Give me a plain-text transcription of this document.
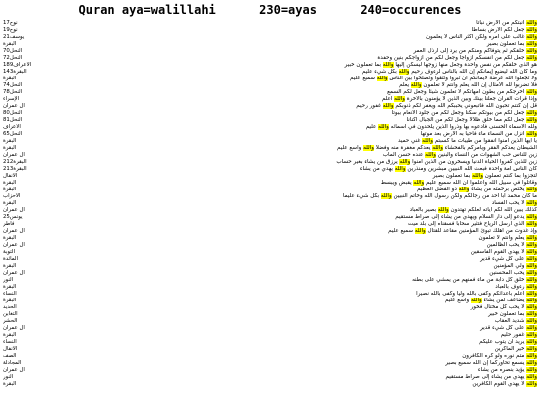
Quran aya=walillahi
	230=ayas
	240=occurences
نوح17	والله أنبتكم من الأرض نباتا
نوح19	والله جعل لكم الأرض بساطا
يوسف21	والله غالب على أمره ولكن أكثر الناس لا يعلمون
البقرة	والله بما تعملون بصير
النحل70	والله خلقكم ثم يتوفاكم ومنكم من يرد إلى أرذل العمر
النحل72	والله جعل لكم من أنفسكم أزواجا وجعل لكم من أزواجكم بنين وحفدة
الأعراف189	هو الذي خلقكم من نفس واحدة وجعل منها زوجها ليسكن إليها والله بما تعملون خبير
البقرة143	وما كان الله ليضيع إيمانكم إن الله بالناس لرءوف رحيم والله بكل شيء عليم
البقرة	ولا تجعلوا الله عرضة لأيمانكم أن تبروا وتتقوا وتصلحوا بين الناس والله سميع عليم
النحل74	فلا تضربوا لله الأمثال إن الله يعلم وأنتم لا تعلمون والله يعلم
النحل78	والله أخرجكم من بطون أمهاتكم لا تعلمون شيئا وجعل لكم السمع
الإسراء	وإذا قرأت القرآن جعلنا بينك وبين الذين لا يؤمنون بالآخرة والله أعلم
آل عمران	قل إن كنتم تحبون الله فاتبعوني يحببكم الله ويغفر لكم ذنوبكم والله غفور رحيم
النحل80	والله جعل لكم من بيوتكم سكنا وجعل لكم من جلود الأنعام بيوتا
النحل81	والله جعل لكم مما خلق ظلالا وجعل لكم من الجبال أكنانا
الأعراف	ولله الأسماء الحسنى فادعوه بها وذروا الذين يلحدون في أسمائه والله عليم
النحل65	والله أنزل من السماء ماء فأحيا به الأرض بعد موتها
البقرة	يا أيها الذين آمنوا أنفقوا من طيبات ما كسبتم والله غني حميد
البقرة	الشيطان يعدكم الفقر ويأمركم بالفحشاء والله يعدكم مغفرة منه وفضلا والله واسع عليم
آل عمران	زين للناس حب الشهوات من النساء والبنين والله عنده حسن المآب
البقرة212	زين للذين كفروا الحياة الدنيا ويسخرون من الذين آمنوا والله يرزق من يشاء بغير حساب
البقرة213	كان الناس أمة واحدة فبعث الله النبيين مبشرين ومنذرين والله يهدي من يشاء
الأنفال	لتجزوا بما كنتم تعملون والله بما تعملون بصير
البقرة	وقاتلوا في سبيل الله واعلموا أن الله سميع عليم والله يقبض ويبسط
البقرة	والله يختص برحمته من يشاء والله ذو الفضل العظيم
الأحزاب	ما كان محمد أبا أحد من رجالكم ولكن رسول الله وخاتم النبيين والله بكل شيء عليما
البقرة	والله لا يحب الفساد
آل عمران	كذلك يبين الله لكم آياته لعلكم تهتدون والله بصير بالعباد
يونس25	والله يدعو إلى دار السلام ويهدي من يشاء إلى صراط مستقيم
فاطر	والله الذي أرسل الرياح فتثير سحابا فسقناه إلى بلد ميت
آل عمران	وإذ غدوت من أهلك تبوئ المؤمنين مقاعد للقتال والله سميع عليم
البقرة	والله يعلم وأنتم لا تعلمون
آل عمران	والله لا يحب الظالمين
التوبة	والله لا يهدي القوم الفاسقين
المائدة	والله على كل شيء قدير
البقرة	والله ولي المؤمنين
آل عمران	والله يحب المحسنين
النور	والله خلق كل دابة من ماء فمنهم من يمشي على بطنه
البقرة	والله رءوف بالعباد
النساء	والله أعلم بأعدائكم وكفى بالله وليا وكفى بالله نصيرا
البقرة	والله يضاعف لمن يشاء والله واسع عليم
الحديد	والله لا يحب كل مختال فخور
التغابن	والله بما تعملون خبير
الحشر	والله شديد العقاب
آل عمران	والله على كل شيء قدير
البقرة	والله غفور حليم
النساء	والله يريد أن يتوب عليكم
الأنفال	والله خير الماكرين
الصف	والله متم نوره ولو كره الكافرون
المجادلة	والله يسمع تحاوركما إن الله سميع بصير
آل عمران	والله يؤيد بنصره من يشاء
النور	والله يهدي من يشاء إلى صراط مستقيم
البقرة	والله لا يهدي القوم الكافرين
